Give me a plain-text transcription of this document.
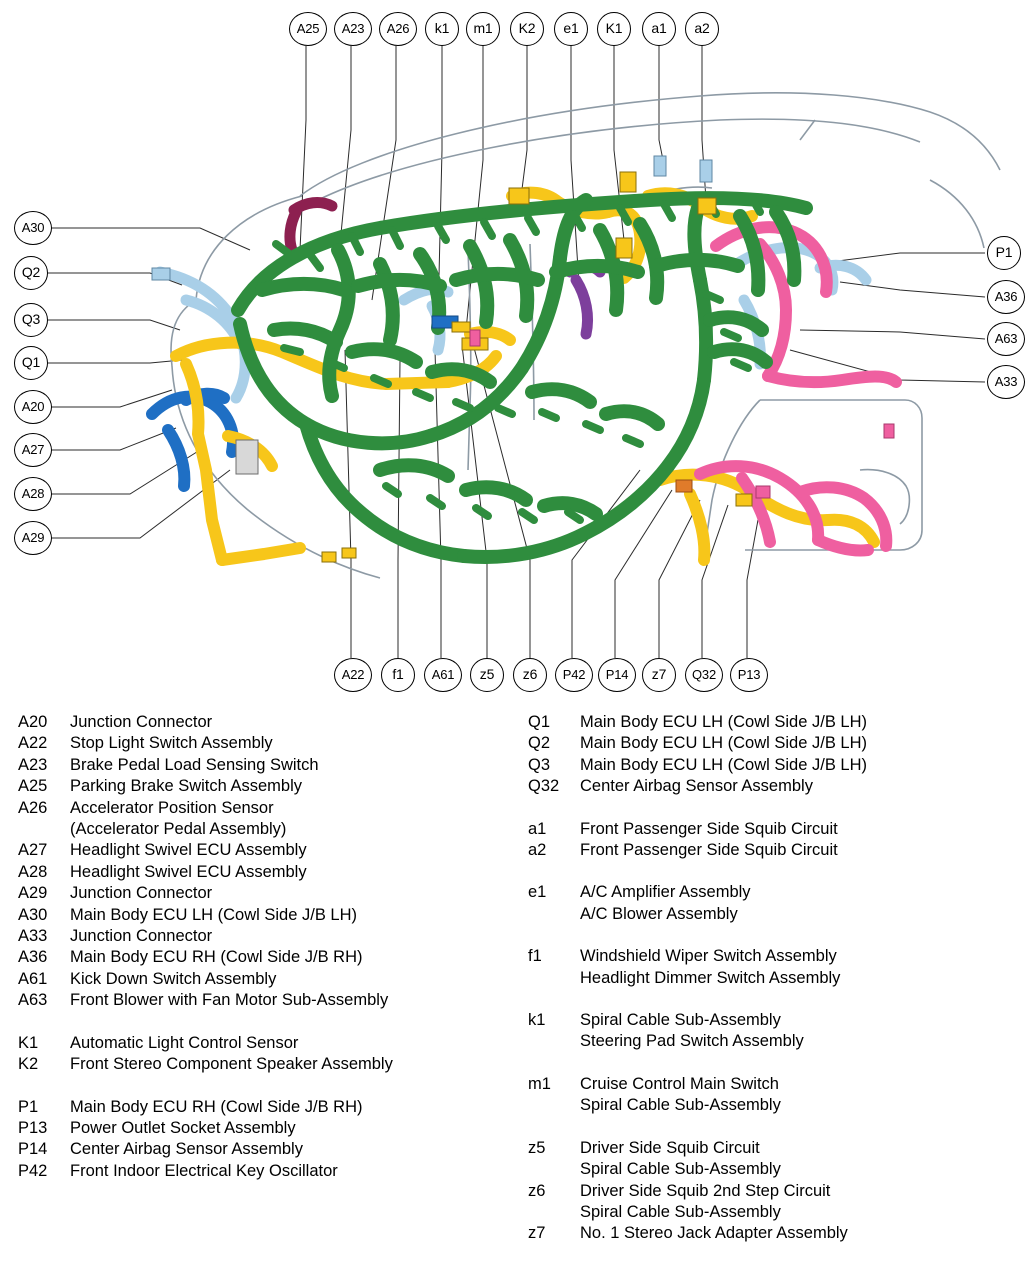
A25	A23	A26	k1	m1	K2	e1	K1	a1	a2
A30
Q2
Q3
Q1
A20
A27
A28
A29
P1
A36
A63
A33
A22	f1	A61	z5	z6	P42	P14	z7	Q32	P13
A20	Junction Connector
A22	Stop Light Switch Assembly
A23	Brake Pedal Load Sensing Switch
A25	Parking Brake Switch Assembly
A26	Accelerator Position Sensor
(Accelerator Pedal Assembly)
A27	Headlight Swivel ECU Assembly
A28	Headlight Swivel ECU Assembly
A29	Junction Connector
A30	Main Body ECU LH (Cowl Side J/B LH)
A33	Junction Connector
A36	Main Body ECU RH (Cowl Side J/B RH)
A61	Kick Down Switch Assembly
A63	Front Blower with Fan Motor Sub-Assembly
K1	Automatic Light Control Sensor
K2	Front Stereo Component Speaker Assembly
P1	Main Body ECU RH (Cowl Side J/B RH)
P13	Power Outlet Socket Assembly
P14	Center Airbag Sensor Assembly
P42	Front Indoor Electrical Key Oscillator
Q1	Main Body ECU LH (Cowl Side J/B LH)
Q2	Main Body ECU LH (Cowl Side J/B LH)
Q3	Main Body ECU LH (Cowl Side J/B LH)
Q32	Center Airbag Sensor Assembly
a1	Front Passenger Side Squib Circuit
a2	Front Passenger Side Squib Circuit
e1	A/C Amplifier Assembly
A/C Blower Assembly
f1	Windshield Wiper Switch Assembly
Headlight Dimmer Switch Assembly
k1	Spiral Cable Sub-Assembly
Steering Pad Switch Assembly
m1	Cruise Control Main Switch
Spiral Cable Sub-Assembly
z5	Driver Side Squib Circuit
Spiral Cable Sub-Assembly
z6	Driver Side Squib 2nd Step Circuit
Spiral Cable Sub-Assembly
z7	No. 1 Stereo Jack Adapter Assembly
